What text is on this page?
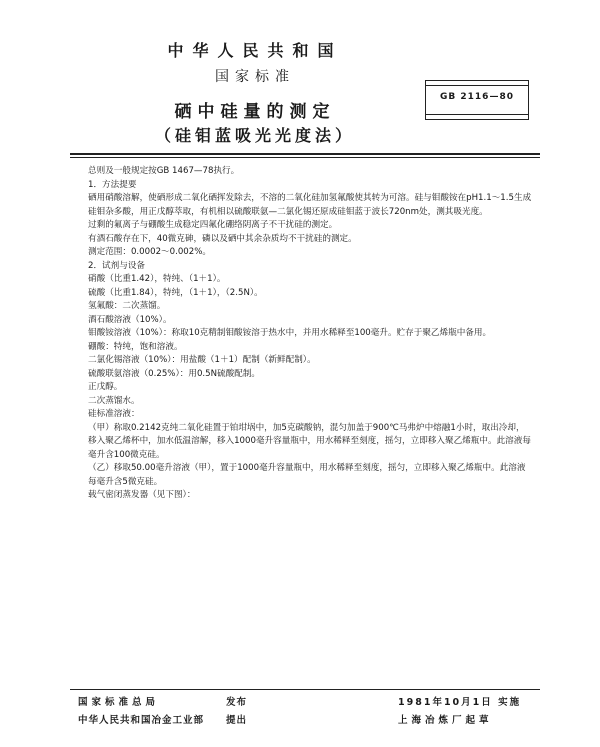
中华人民共和国
国家标准
硒中硅量的测定
（硅钼蓝吸光光度法）
GB 2116—80

总则及一般规定按GB 1467—78执行。

1．方法提要

硒用硝酸溶解，使硒形成二氧化硒挥发除去，不溶的二氧化硅加氢氟酸使其转为可溶。硅与钼酸铵在pH1.1～1.5生成硅钼杂多酸，用正戊醇萃取，有机相以硫酸联氨—二氯化锡还原成硅钼蓝于波长720nm处，测其吸光度。

过剩的氟离子与硼酸生成稳定四氟化硼络阴离子不干扰硅的测定。

有酒石酸存在下，40微克砷，磷以及硒中其余杂质均不干扰硅的测定。

测定范围：0.0002～0.002%。

2．试剂与设备

硝酸（比重1.42），特纯、（1＋1）。

硫酸（比重1.84），特纯，（1＋1），（2.5N）。

氢氟酸：二次蒸馏。

酒石酸溶液（10%）。

钼酸铵溶液（10%）：称取10克精制钼酸铵溶于热水中，并用水稀释至100毫升。贮存于聚乙烯瓶中备用。

硼酸：特纯，饱和溶液。

二氯化锡溶液（10%）：用盐酸（1＋1）配制（新鲜配制）。

硫酸联氨溶液（0.25%）：用0.5N硫酸配制。

正戊醇。

二次蒸馏水。

硅标准溶液：

（甲）称取0.2142克纯二氧化硅置于铂坩埚中，加5克碳酸钠，混匀加盖于900℃马弗炉中熔融1小时，取出冷却，移入聚乙烯杯中，加水低温溶解，移入1000毫升容量瓶中，用水稀释至刻度，摇匀，立即移入聚乙烯瓶中。此溶液每毫升含100微克硅。

（乙）移取50.00毫升溶液（甲），置于1000毫升容量瓶中，用水稀释至刻度，摇匀，立即移入聚乙烯瓶中。此溶液每毫升含5微克硅。

载气密闭蒸发器（见下图）：

国家标准总局	发布	1981年10月1日 实施
中华人民共和国冶金工业部 提出	上海冶炼厂起草
